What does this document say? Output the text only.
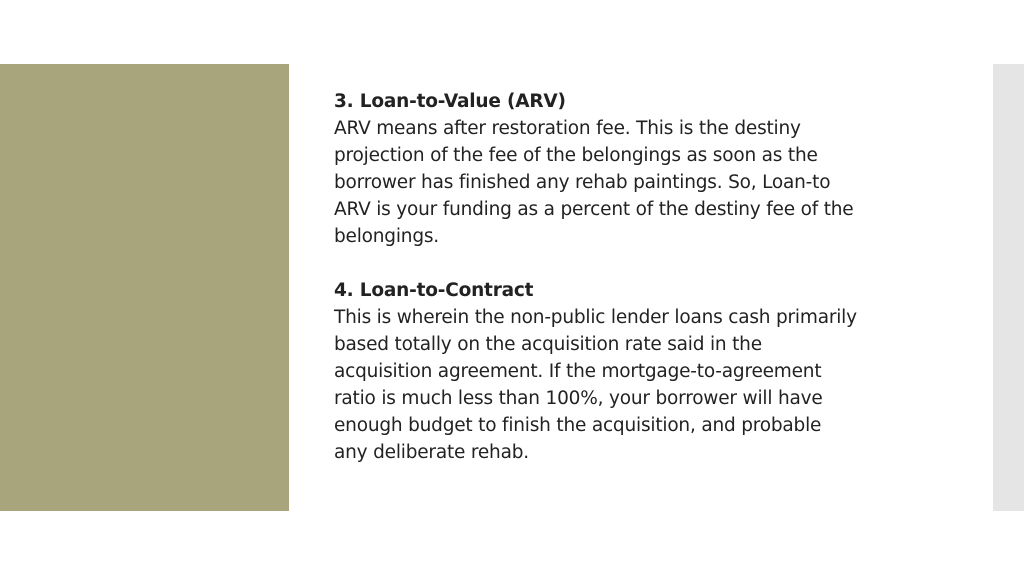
3. Loan-to-Value (ARV)
ARV means after restoration fee. This is the destiny
projection of the fee of the belongings as soon as the
borrower has finished any rehab paintings. So, Loan-to
ARV is your funding as a percent of the destiny fee of the
belongings.
4. Loan-to-Contract
This is wherein the non-public lender loans cash primarily
based totally on the acquisition rate said in the
acquisition agreement. If the mortgage-to-agreement
ratio is much less than 100%, your borrower will have
enough budget to finish the acquisition, and probable
any deliberate rehab.
